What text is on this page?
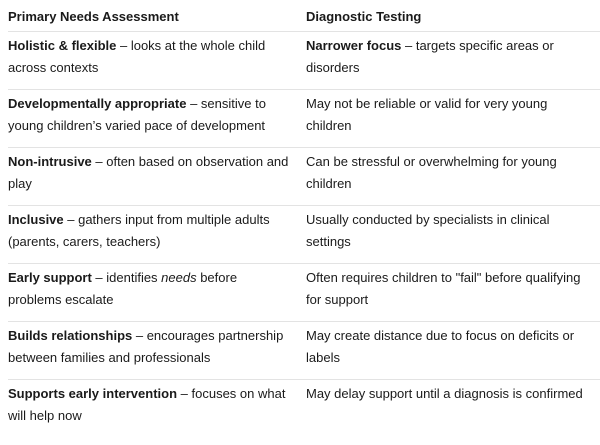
Primary Needs Assessment	Diagnostic Testing
Holistic & flexible – looks at the whole child across contexts
Narrower focus – targets specific areas or disorders
Developmentally appropriate – sensitive to young children’s varied pace of development
May not be reliable or valid for very young children
Non-intrusive – often based on observation and play
Can be stressful or overwhelming for young children
Inclusive – gathers input from multiple adults (parents, carers, teachers)
Usually conducted by specialists in clinical settings
Early support – identifies needs before problems escalate
Often requires children to "fail" before qualifying for support
Builds relationships – encourages partnership between families and professionals
May create distance due to focus on deficits or labels
Supports early intervention – focuses on what will help now
May delay support until a diagnosis is confirmed
